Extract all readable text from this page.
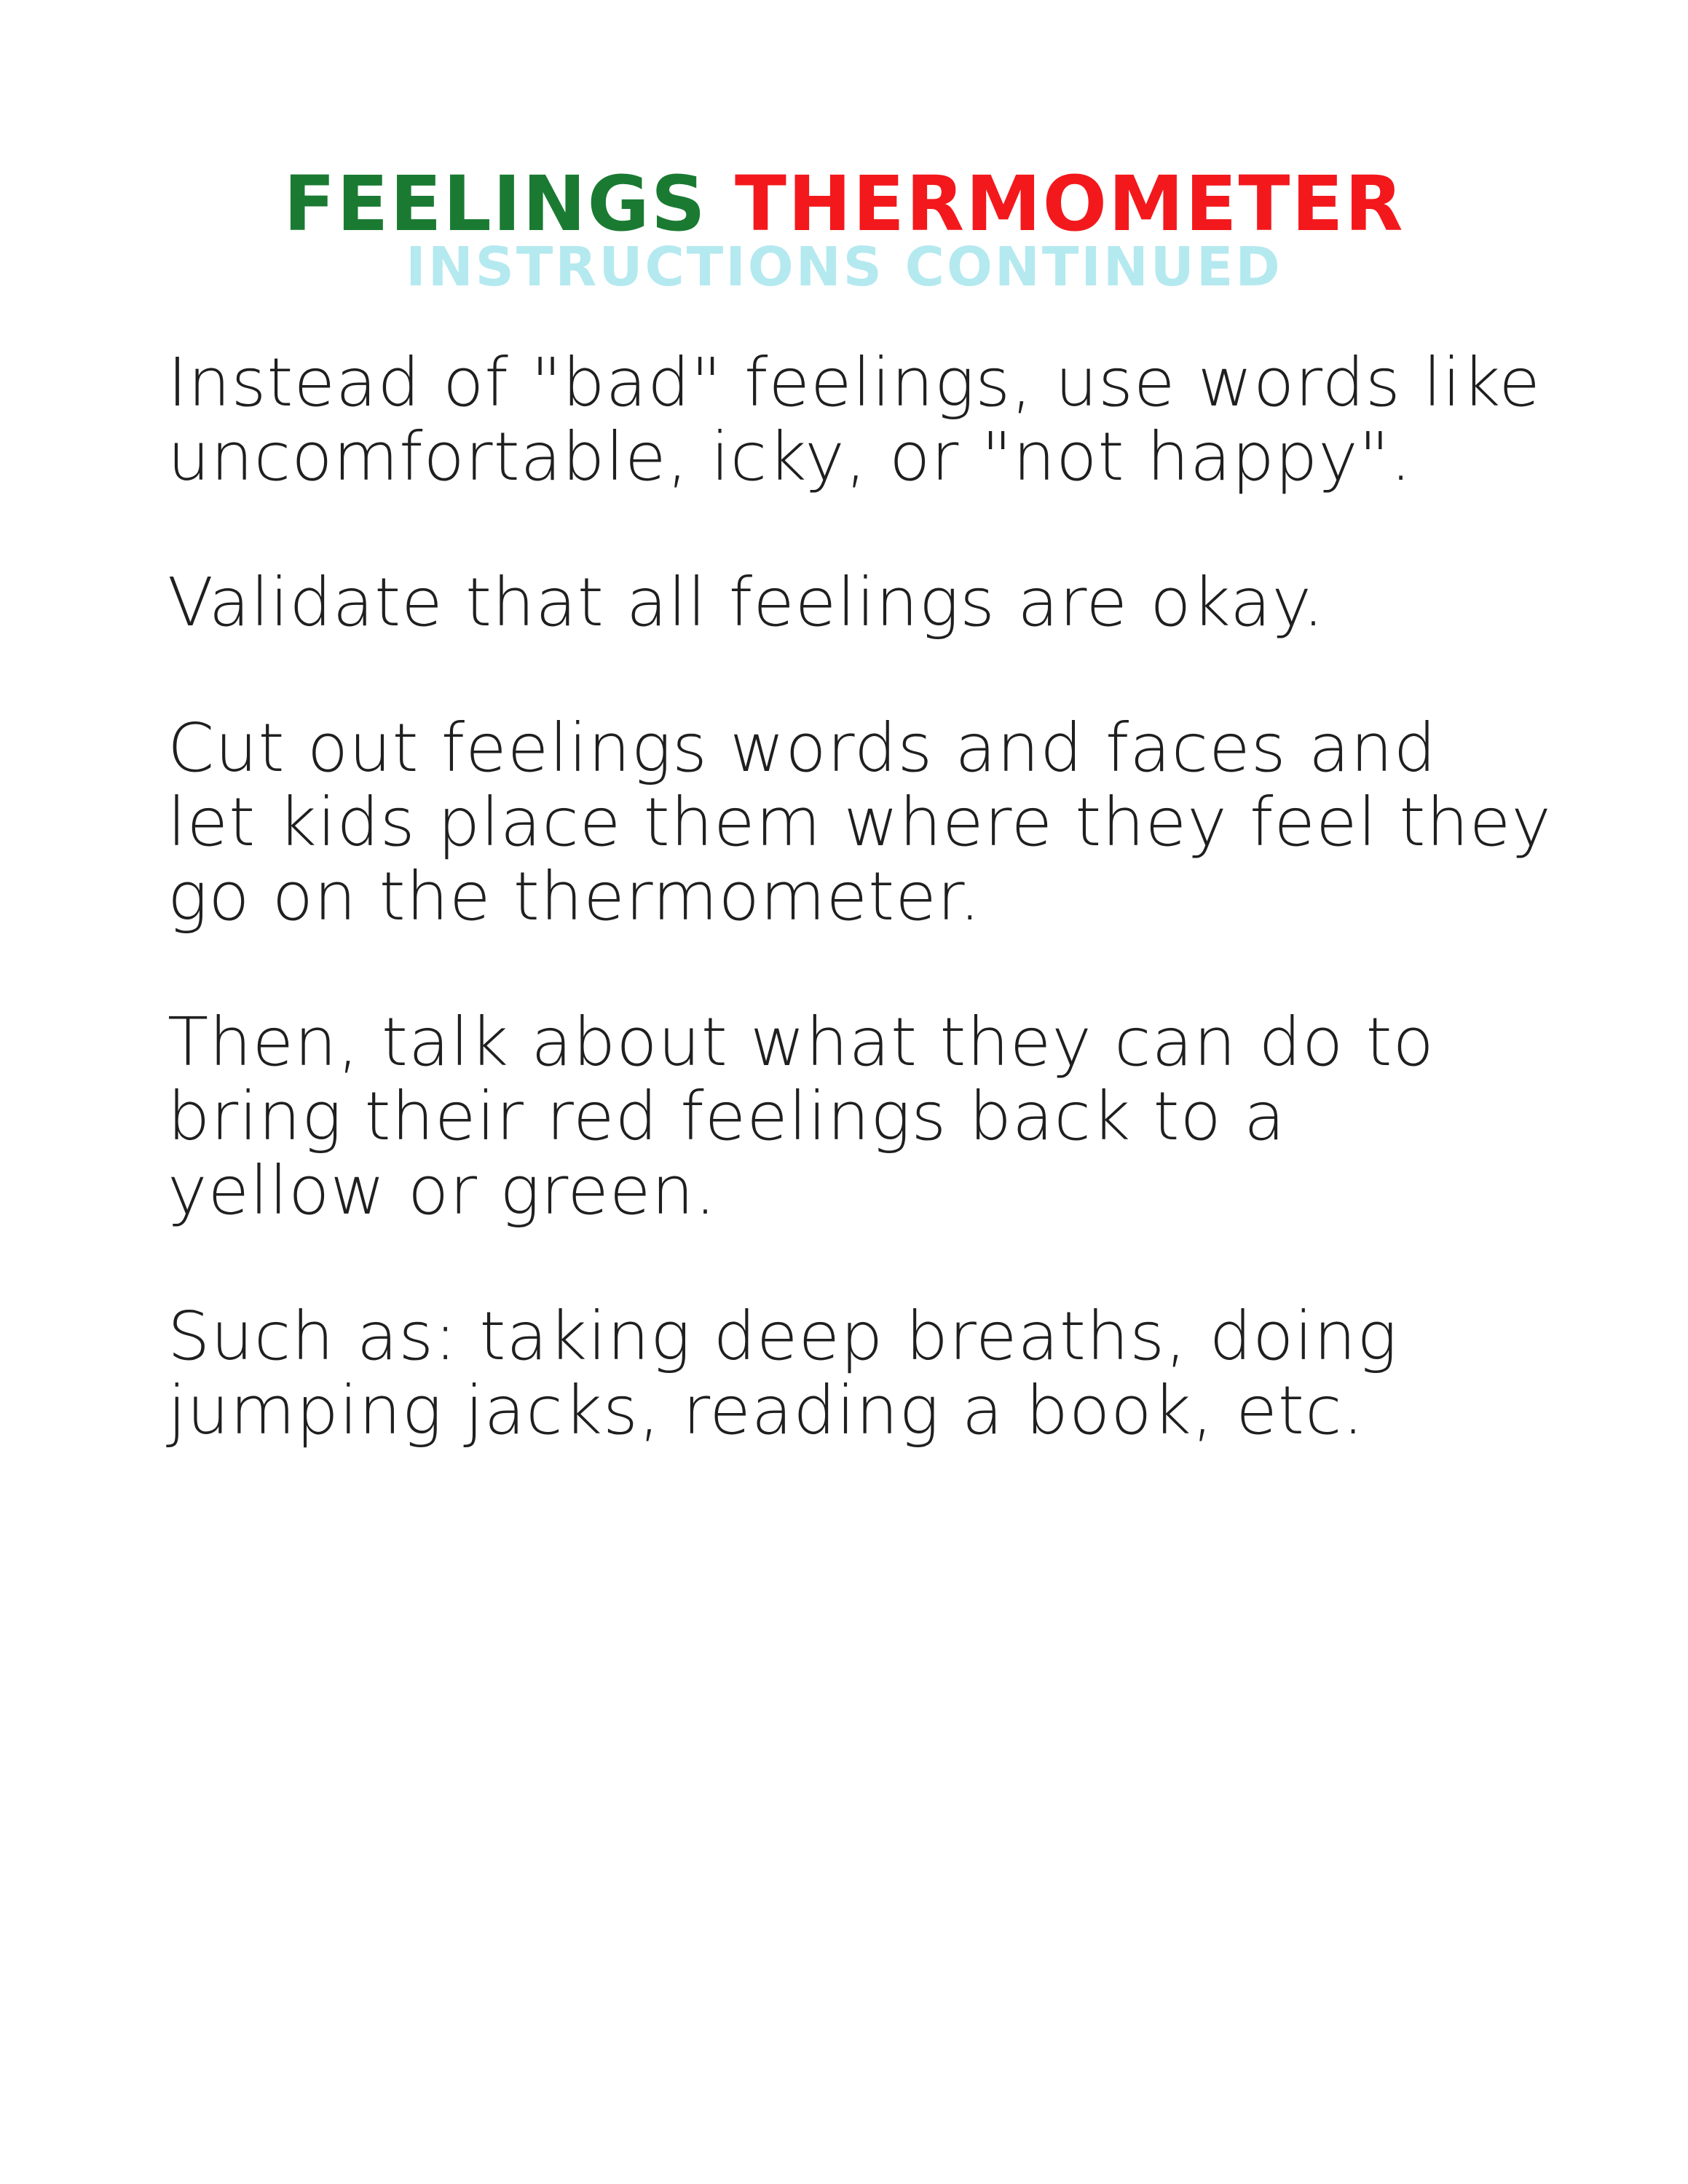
FEELINGS THERMOMETER
INSTRUCTIONS CONTINUED

Instead of "bad" feelings, use words like
uncomfortable, icky, or "not happy".

Validate that all feelings are okay.

Cut out feelings words and faces and
let kids place them where they feel they
go on the thermometer.

Then, talk about what they can do to
bring their red feelings back to a
yellow or green.

Such as: taking deep breaths, doing
jumping jacks, reading a book, etc.
